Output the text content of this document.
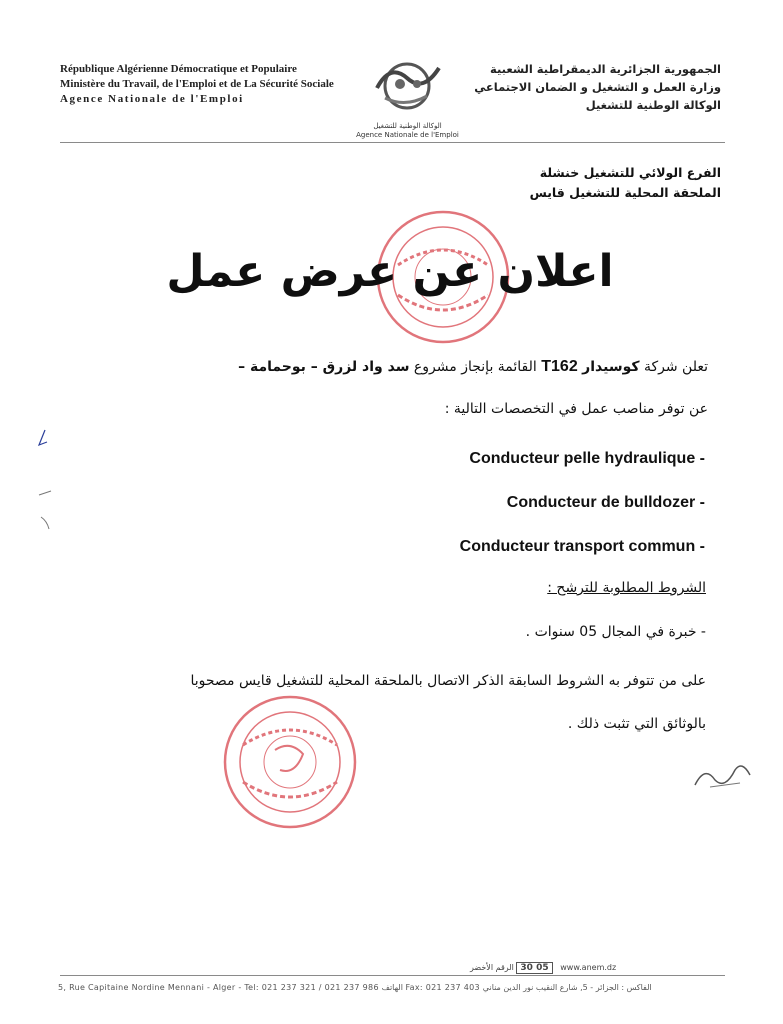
République Algérienne Démocratique et Populaire
Ministère du Travail, de l'Emploi et de La Sécurité Sociale
Agence Nationale de l'Emploi
الوكالة الوطنية للتشغيل
Agence Nationale de l'Emploi
الجمهورية الجزائرية الديمقراطية الشعبية
وزارة العمل و التشغيل و الضمان الاجتماعي
الوكالة الوطنية للتشغيل
الفرع الولائي للتشغيل خنشلة
الملحقة المحلية للتشغيل قايس
اعلان عن عرض عمل
تعلن شركة كوسيدار T162 القائمة بإنجاز مشروع سد واد لزرق – بوحمامة –
عن توفر مناصب عمل في التخصصات التالية :
Conducteur pelle hydraulique -
Conducteur de bulldozer -
Conducteur transport commun -
الشروط المطلوبة للترشح :
- خبرة في المجال 05 سنوات .
على من تتوفر به الشروط السابقة الذكر الاتصال بالملحقة المحلية للتشغيل قايس مصحوبا
بالوثائق التي تثبت ذلك .
الرقم الأخضر 30 05 www.anem.dz
5, Rue Capitaine Nordine Mennani - Alger - Tel: 021 237 321 / 021 237 986 الهاتف Fax: 021 237 403 الفاكس : الجزائر - 5, شارع النقيب نور الدين مناني
